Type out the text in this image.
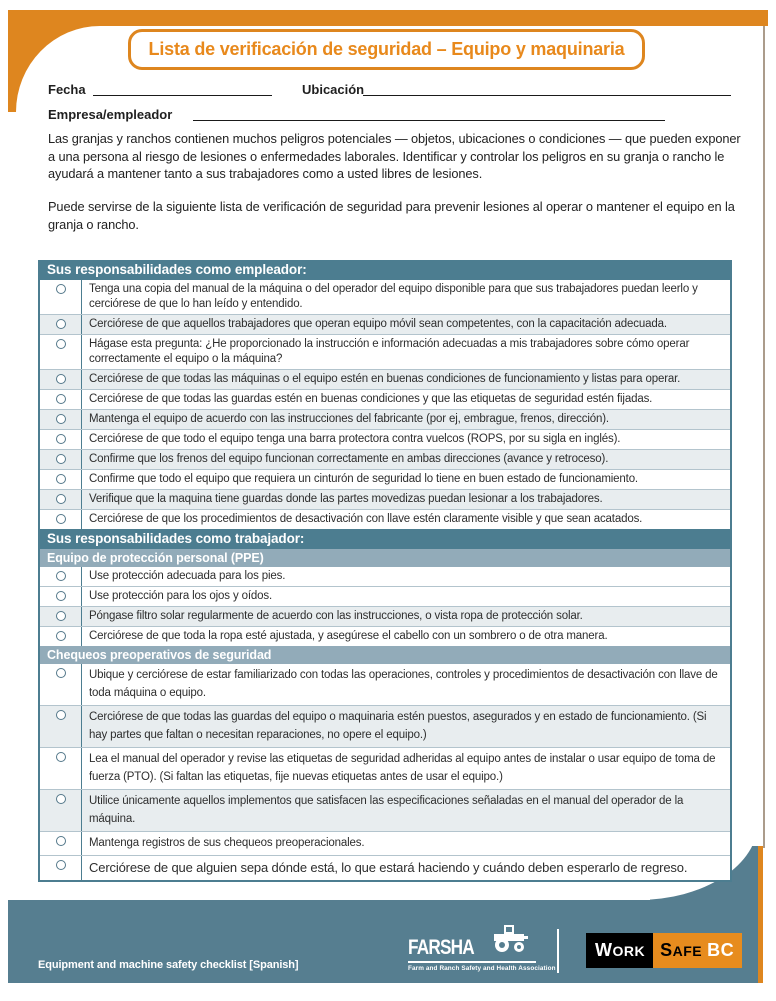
Lista de verificación de seguridad – Equipo y maquinaria
Fecha	Ubicación
Empresa/empleador

Las granjas y ranchos contienen muchos peligros potenciales — objetos, ubicaciones o condiciones — que pueden exponer a una persona al riesgo de lesiones o enfermedades laborales. Identificar y controlar los peligros en su granja o rancho le ayudará a mantener tanto a sus trabajadores como a usted libres de lesiones.

Puede servirse de la siguiente lista de verificación de seguridad para prevenir lesiones al operar o mantener el equipo en la granja o rancho.

Sus responsabilidades como empleador:
Tenga una copia del manual de la máquina o del operador del equipo disponible para que sus trabajadores puedan leerlo y cerciórese de que lo han leído y entendido.
Cerciórese de que aquellos trabajadores que operan equipo móvil sean competentes, con la capacitación adecuada.
Hágase esta pregunta: ¿He proporcionado la instrucción e información adecuadas a mis trabajadores sobre cómo operar correctamente el equipo o la máquina?
Cerciórese de que todas las máquinas o el equipo estén en buenas condiciones de funcionamiento y listas para operar.
Cerciórese de que todas las guardas estén en buenas condiciones y que las etiquetas de seguridad estén fijadas.
Mantenga el equipo de acuerdo con las instrucciones del fabricante (por ej, embrague, frenos, dirección).
Cerciórese de que todo el equipo tenga una barra protectora contra vuelcos (ROPS, por su sigla en inglés).
Confirme que los frenos del equipo funcionan correctamente en ambas direcciones (avance y retroceso).
Confirme que todo el equipo que requiera un cinturón de seguridad lo tiene en buen estado de funcionamiento.
Verifique que la maquina tiene guardas donde las partes movedizas puedan lesionar a los trabajadores.
Cerciórese de que los procedimientos de desactivación con llave estén claramente visible y que sean acatados.
Sus responsabilidades como trabajador:
Equipo de protección personal (PPE)
Use protección adecuada para los pies.
Use protección para los ojos y oídos.
Póngase filtro solar regularmente de acuerdo con las instrucciones, o vista ropa de protección solar.
Cerciórese de que toda la ropa esté ajustada, y asegúrese el cabello con un sombrero o de otra manera.
Chequeos preoperativos de seguridad
Ubique y cerciórese de estar familiarizado con todas las operaciones, controles y procedimientos de desactivación con llave de toda máquina o equipo.
Cerciórese de que todas las guardas del equipo o maquinaria estén puestos, asegurados y en estado de funcionamiento. (Si hay partes que faltan o necesitan reparaciones, no opere el equipo.)
Lea el manual del operador y revise las etiquetas de seguridad adheridas al equipo antes de instalar o usar equipo de toma de fuerza (PTO). (Si faltan las etiquetas, fije nuevas etiquetas antes de usar el equipo.)
Utilice únicamente aquellos implementos que satisfacen las especificaciones señaladas en el manual del operador de la máquina.
Mantenga registros de sus chequeos preoperacionales.
Cerciórese de que alguien sepa dónde está, lo que estará haciendo y cuándo deben esperarlo de regreso.
Equipment and machine safety checklist [Spanish]
FARSHA
Farm and Ranch Safety and Health Association
W ORK S AFE BC
